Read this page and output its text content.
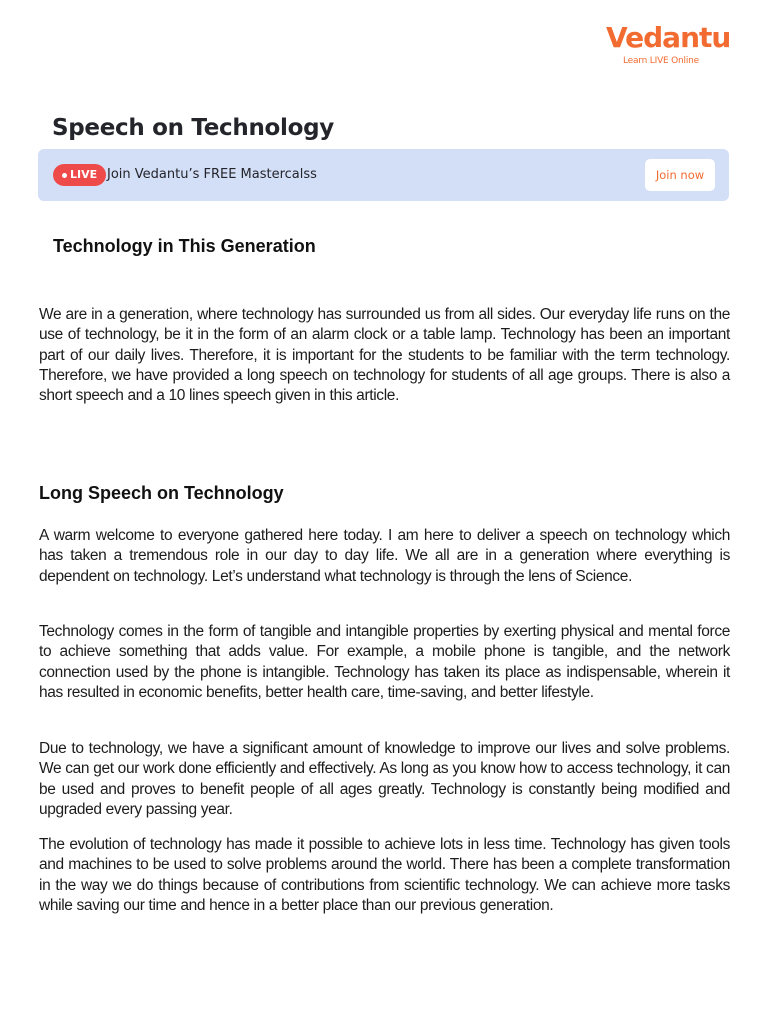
Vedantu
Learn LIVE Online
Speech on Technology
LIVE Join Vedantu’s FREE Mastercalss	Join now
Technology in This Generation

We are in a generation, where technology has surrounded us from all sides. Our everyday life runs on the use of technology, be it in the form of an alarm clock or a table lamp. Technology has been an important part of our daily lives. Therefore, it is important for the students to be familiar with the term technology. Therefore, we have provided a long speech on technology for students of all age groups. There is also a short speech and a 10 lines speech given in this article.

Long Speech on Technology

A warm welcome to everyone gathered here today. I am here to deliver a speech on technology which has taken a tremendous role in our day to day life. We all are in a generation where everything is dependent on technology. Let’s understand what technology is through the lens of Science.

Technology comes in the form of tangible and intangible properties by exerting physical and mental force to achieve something that adds value. For example, a mobile phone is tangible, and the network connection used by the phone is intangible. Technology has taken its place as indispensable, wherein it has resulted in economic benefits, better health care, time-saving, and better lifestyle.

Due to technology, we have a significant amount of knowledge to improve our lives and solve problems. We can get our work done efficiently and effectively. As long as you know how to access technology, it can be used and proves to benefit people of all ages greatly. Technology is constantly being modified and upgraded every passing year.

The evolution of technology has made it possible to achieve lots in less time. Technology has given tools and machines to be used to solve problems around the world. There has been a complete transformation in the way we do things because of contributions from scientific technology. We can achieve more tasks while saving our time and hence in a better place than our previous generation.
